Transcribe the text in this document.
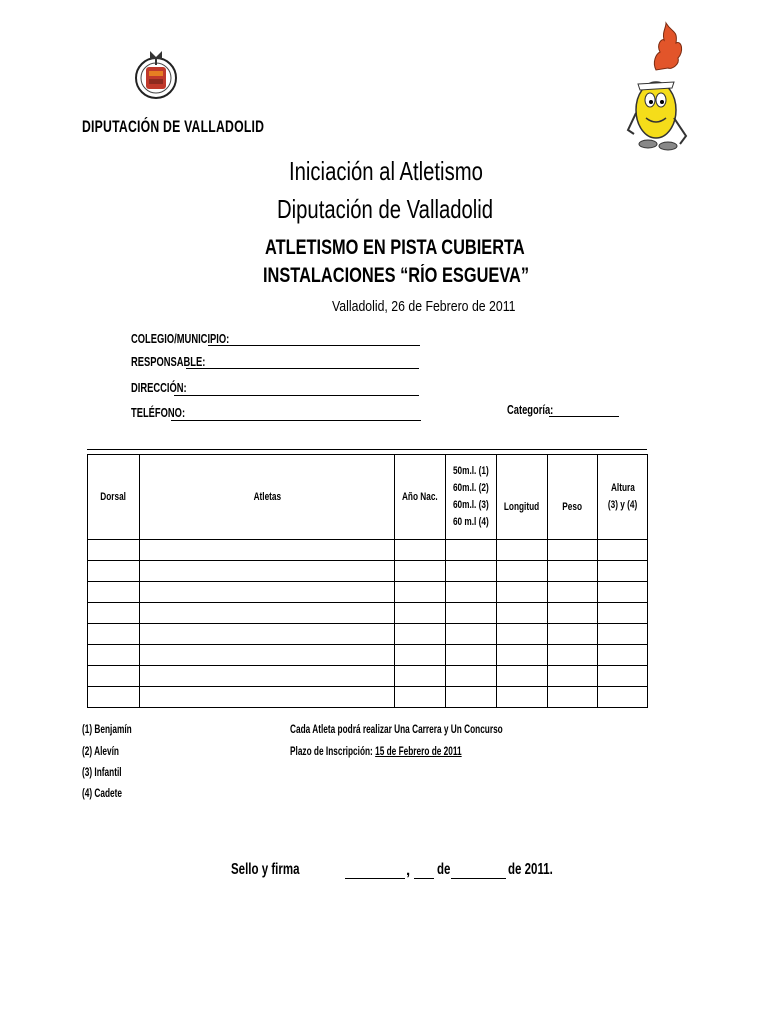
DIPUTACIÓN DE VALLADOLID
Iniciación al Atletismo
Diputación de Valladolid
ATLETISMO EN PISTA CUBIERTA
INSTALACIONES “RÍO ESGUEVA”
Valladolid, 26 de Febrero de 2011
COLEGIO/MUNICIPIO:
RESPONSABLE:
DIRECCIÓN:
TELÉFONO:	Categoría:
Dorsal	Atletas	Año Nac.	50m.l. (1)
60m.l. (2)
60m.l. (3)
60 m.l (4)	Longitud	Peso	Altura
(3) y (4)

(1) Benjamín
(2) Alevín
(3) Infantil
(4) Cadete
Cada Atleta podrá realizar Una Carrera y Un Concurso
Plazo de Inscripción: 15 de Febrero de 2011
Sello y firma	, de	de 2011.
